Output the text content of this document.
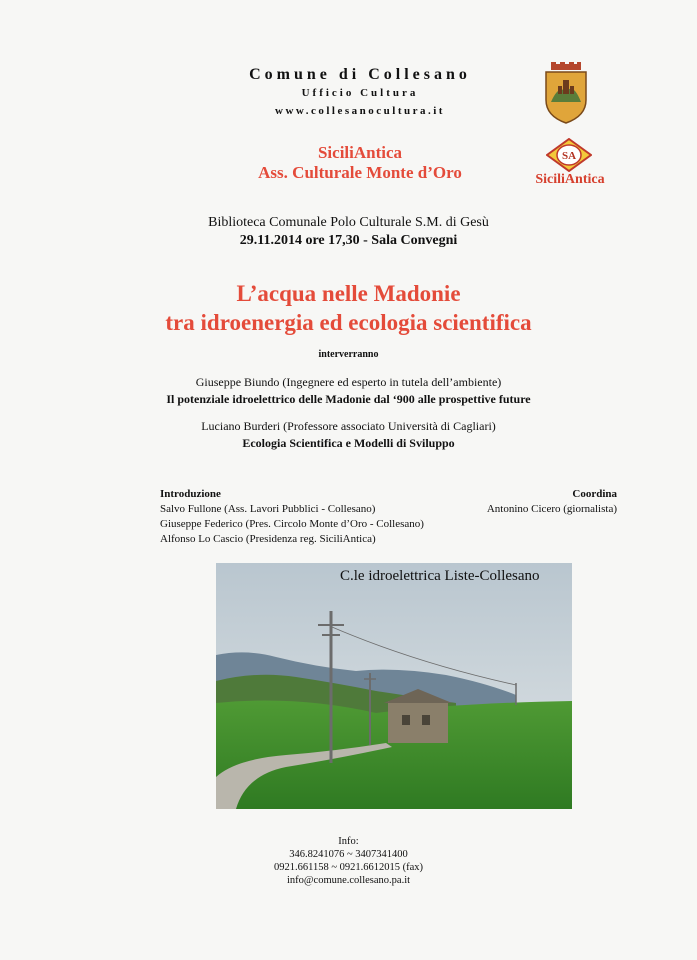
Comune di Collesano
Ufficio Cultura
www.collesanocultura.it
SiciliAntica
Ass. Culturale Monte d’Oro
SA
SiciliAntica
Biblioteca Comunale Polo Culturale S.M. di Gesù
29.11.2014 ore 17,30 - Sala Convegni
L’acqua nelle Madonie
tra idroenergia ed ecologia scientifica
interverranno
Giuseppe Biundo (Ingegnere ed esperto in tutela dell’ambiente)
Il potenziale idroelettrico delle Madonie dal ‘900 alle prospettive future
Luciano Burderi (Professore associato Università di Cagliari)
Ecologia Scientifica e Modelli di Sviluppo
Introduzione
Salvo Fullone (Ass. Lavori Pubblici - Collesano)
Giuseppe Federico (Pres. Circolo Monte d’Oro - Collesano)
Alfonso Lo Cascio (Presidenza reg. SiciliAntica)
Coordina
Antonino Cicero (giornalista)
C.le idroelettrica Liste-Collesano
Info:
346.8241076 ~ 3407341400
0921.661158 ~ 0921.6612015 (fax)
info@comune.collesano.pa.it
